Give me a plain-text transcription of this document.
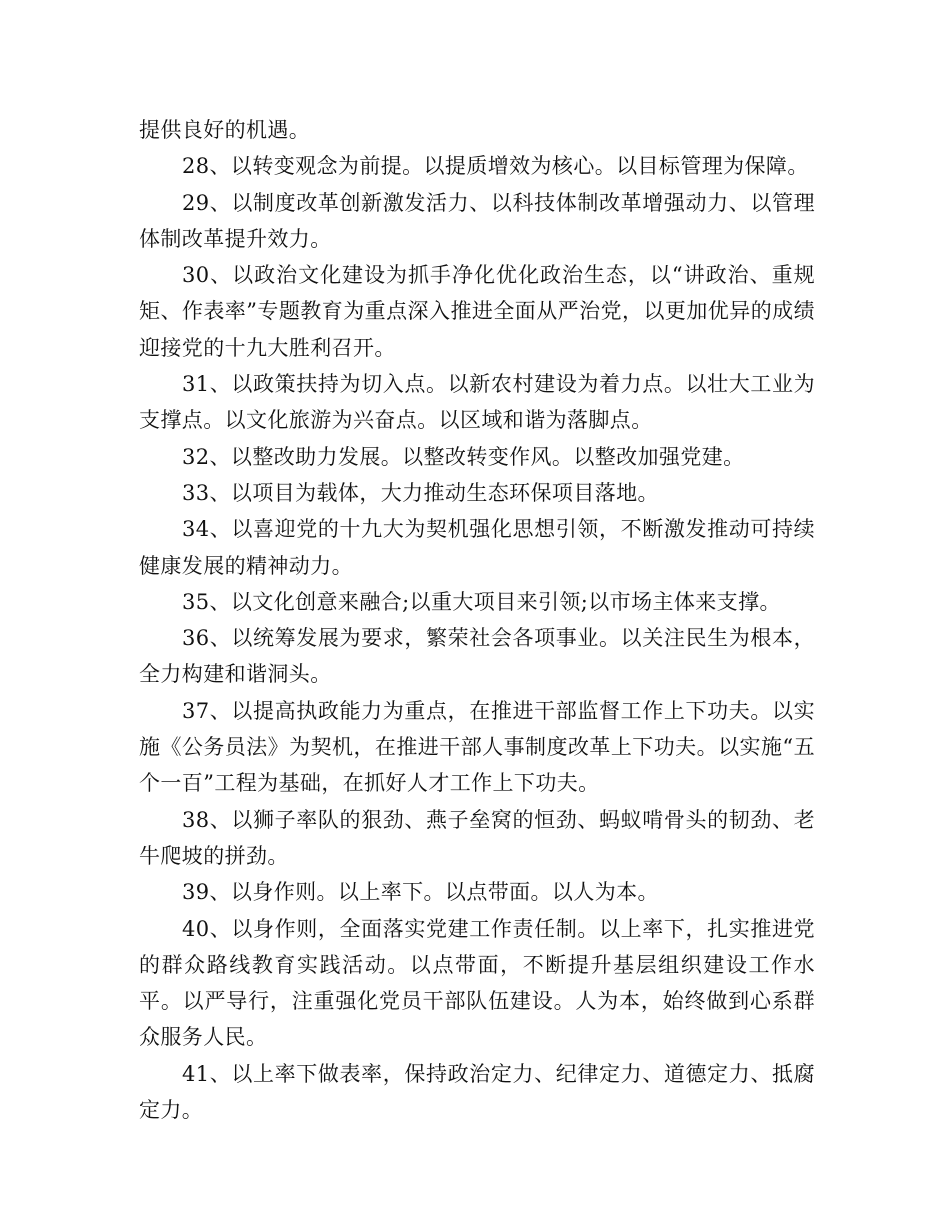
提供良好的机遇。

28、以转变观念为前提。以提质增效为核心。以目标管理为保障。

29、以制度改革创新激发活力、以科技体制改革增强动力、以管理体制改革提升效力。

30、以政治文化建设为抓手净化优化政治生态，以“讲政治、重规矩、作表率”专题教育为重点深入推进全面从严治党，以更加优异的成绩迎接党的十九大胜利召开。

31、以政策扶持为切入点。以新农村建设为着力点。以壮大工业为支撑点。以文化旅游为兴奋点。以区域和谐为落脚点。

32、以整改助力发展。以整改转变作风。以整改加强党建。

33、以项目为载体，大力推动生态环保项目落地。

34、以喜迎党的十九大为契机强化思想引领，不断激发推动可持续健康发展的精神动力。

35、以文化创意来融合;以重大项目来引领;以市场主体来支撑。

36、以统筹发展为要求，繁荣社会各项事业。以关注民生为根本，全力构建和谐洞头。

37、以提高执政能力为重点，在推进干部监督工作上下功夫。以实施《公务员法》为契机，在推进干部人事制度改革上下功夫。以实施“五个一百”工程为基础，在抓好人才工作上下功夫。

38、以狮子率队的狠劲、燕子垒窝的恒劲、蚂蚁啃骨头的韧劲、老牛爬坡的拼劲。

39、以身作则。以上率下。以点带面。以人为本。

40、以身作则，全面落实党建工作责任制。以上率下，扎实推进党的群众路线教育实践活动。以点带面，不断提升基层组织建设工作水平。以严导行，注重强化党员干部队伍建设。人为本，始终做到心系群众服务人民。

41、以上率下做表率，保持政治定力、纪律定力、道德定力、抵腐定力。
